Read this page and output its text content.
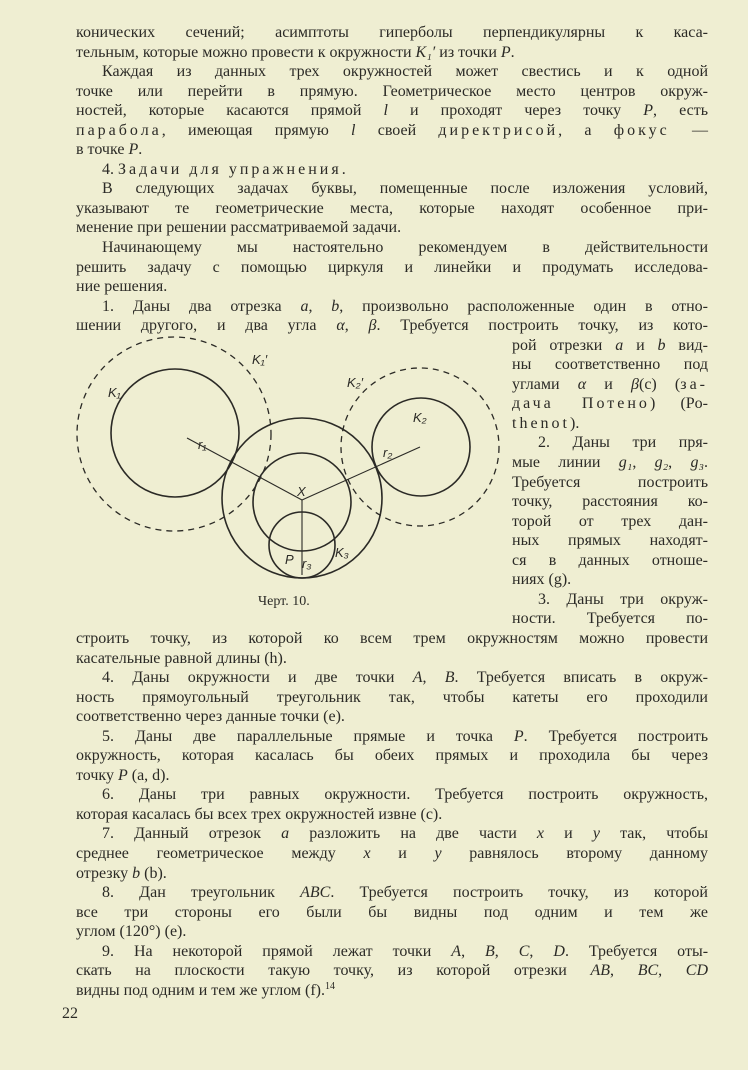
конических сечений; асимптоты гиперболы перпендикулярны к каса-
тельным, которые можно провести к окружности K₁′ из точки P.
Каждая из данных трех окружностей может свестись и к одной
точке или перейти в прямую. Геометрическое место центров окруж-
ностей, которые касаются прямой l и проходят через точку P, есть
парабола, имеющая прямую l своей директрисой, а фокус —
в точке P.
4. Задачи для упражнения.
В следующих задачах буквы, помещенные после изложения условий,
указывают те геометрические места, которые находят особенное при-
менение при решении рассматриваемой задачи.
Начинающему мы настоятельно рекомендуем в действительности
решить задачу с помощью циркуля и линейки и продумать исследова-
ние решения.
1. Даны два отрезка a, b, произвольно расположенные один в отно-
шении другого, и два угла α, β. Требуется построить точку, из кото-
рой отрезки a и b вид-
ны соответственно под
углами α и β(c) (за-
дача Потено) (Po-
thenot).
2. Даны три пря-
мые линии g₁, g₂, g₃.
Требуется построить
точку, расстояния ко-
торой от трех дан-
ных прямых находят-
ся в данных отноше-
ниях (g).
3. Даны три окруж-
ности. Требуется по-
строить точку, из которой ко всем трем окружностям можно провести
касательные равной длины (h).
4. Даны окружности и две точки A, B. Требуется вписать в окруж-
ность прямоугольный треугольник так, чтобы катеты его проходили
соответственно через данные точки (e).
5. Даны две параллельные прямые и точка P. Требуется построить
окружность, которая касалась бы обеих прямых и проходила бы через
точку P (a, d).
6. Даны три равных окружности. Требуется построить окружность,
которая касалась бы всех трех окружностей извне (c).
7. Данный отрезок a разложить на две части x и y так, чтобы
среднее геометрическое между x и y равнялось второму данному
отрезку b (b).
8. Дан треугольник ABC. Требуется построить точку, из которой
все три стороны его были бы видны под одним и тем же
углом (120°) (e).
9. На некоторой прямой лежат точки A, B, C, D. Требуется оты-
скать на плоскости такую точку, из которой отрезки AB, BC, CD
видны под одним и тем же углом (f).$^{14}$
K₁′
K₁
K₂′
K₂
r₁
r₂
X
P r₃
K₃
Черт. 10.
22
